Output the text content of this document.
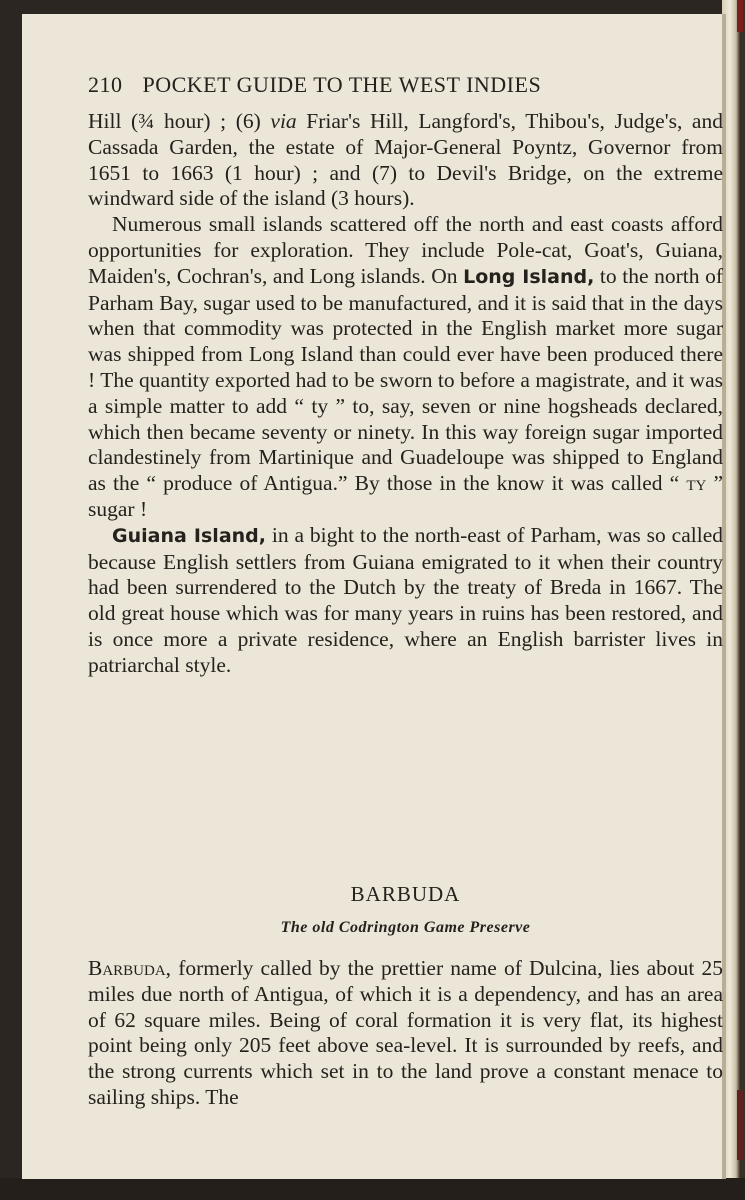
210 POCKET GUIDE TO THE WEST INDIES

Hill (¾ hour) ; (6) via Friar's Hill, Langford's, Thibou's, Judge's, and Cassada Garden, the estate of Major-General Poyntz, Governor from 1651 to 1663 (1 hour) ; and (7) to Devil's Bridge, on the extreme windward side of the island (3 hours).

Numerous small islands scattered off the north and east coasts afford opportunities for exploration. They include Pole-cat, Goat's, Guiana, Maiden's, Cochran's, and Long islands. On Long Island, to the north of Parham Bay, sugar used to be manufactured, and it is said that in the days when that commodity was protected in the English market more sugar was shipped from Long Island than could ever have been produced there ! The quantity exported had to be sworn to before a magistrate, and it was a simple matter to add “ ty ” to, say, seven or nine hogsheads declared, which then became seventy or ninety. In this way foreign sugar imported clandestinely from Martinique and Guadeloupe was shipped to England as the “ produce of Antigua.” By those in the know it was called “ ty ” sugar !

Guiana Island, in a bight to the north-east of Parham, was so called because English settlers from Guiana emigrated to it when their country had been surrendered to the Dutch by the treaty of Breda in 1667. The old great house which was for many years in ruins has been restored, and is once more a private residence, where an English barrister lives in patriarchal style.

BARBUDA
The old Codrington Game Preserve

Barbuda, formerly called by the prettier name of Dulcina, lies about 25 miles due north of Antigua, of which it is a dependency, and has an area of 62 square miles. Being of coral formation it is very flat, its highest point being only 205 feet above sea-level. It is surrounded by reefs, and the strong currents which set in to the land prove a constant menace to sailing ships. The
